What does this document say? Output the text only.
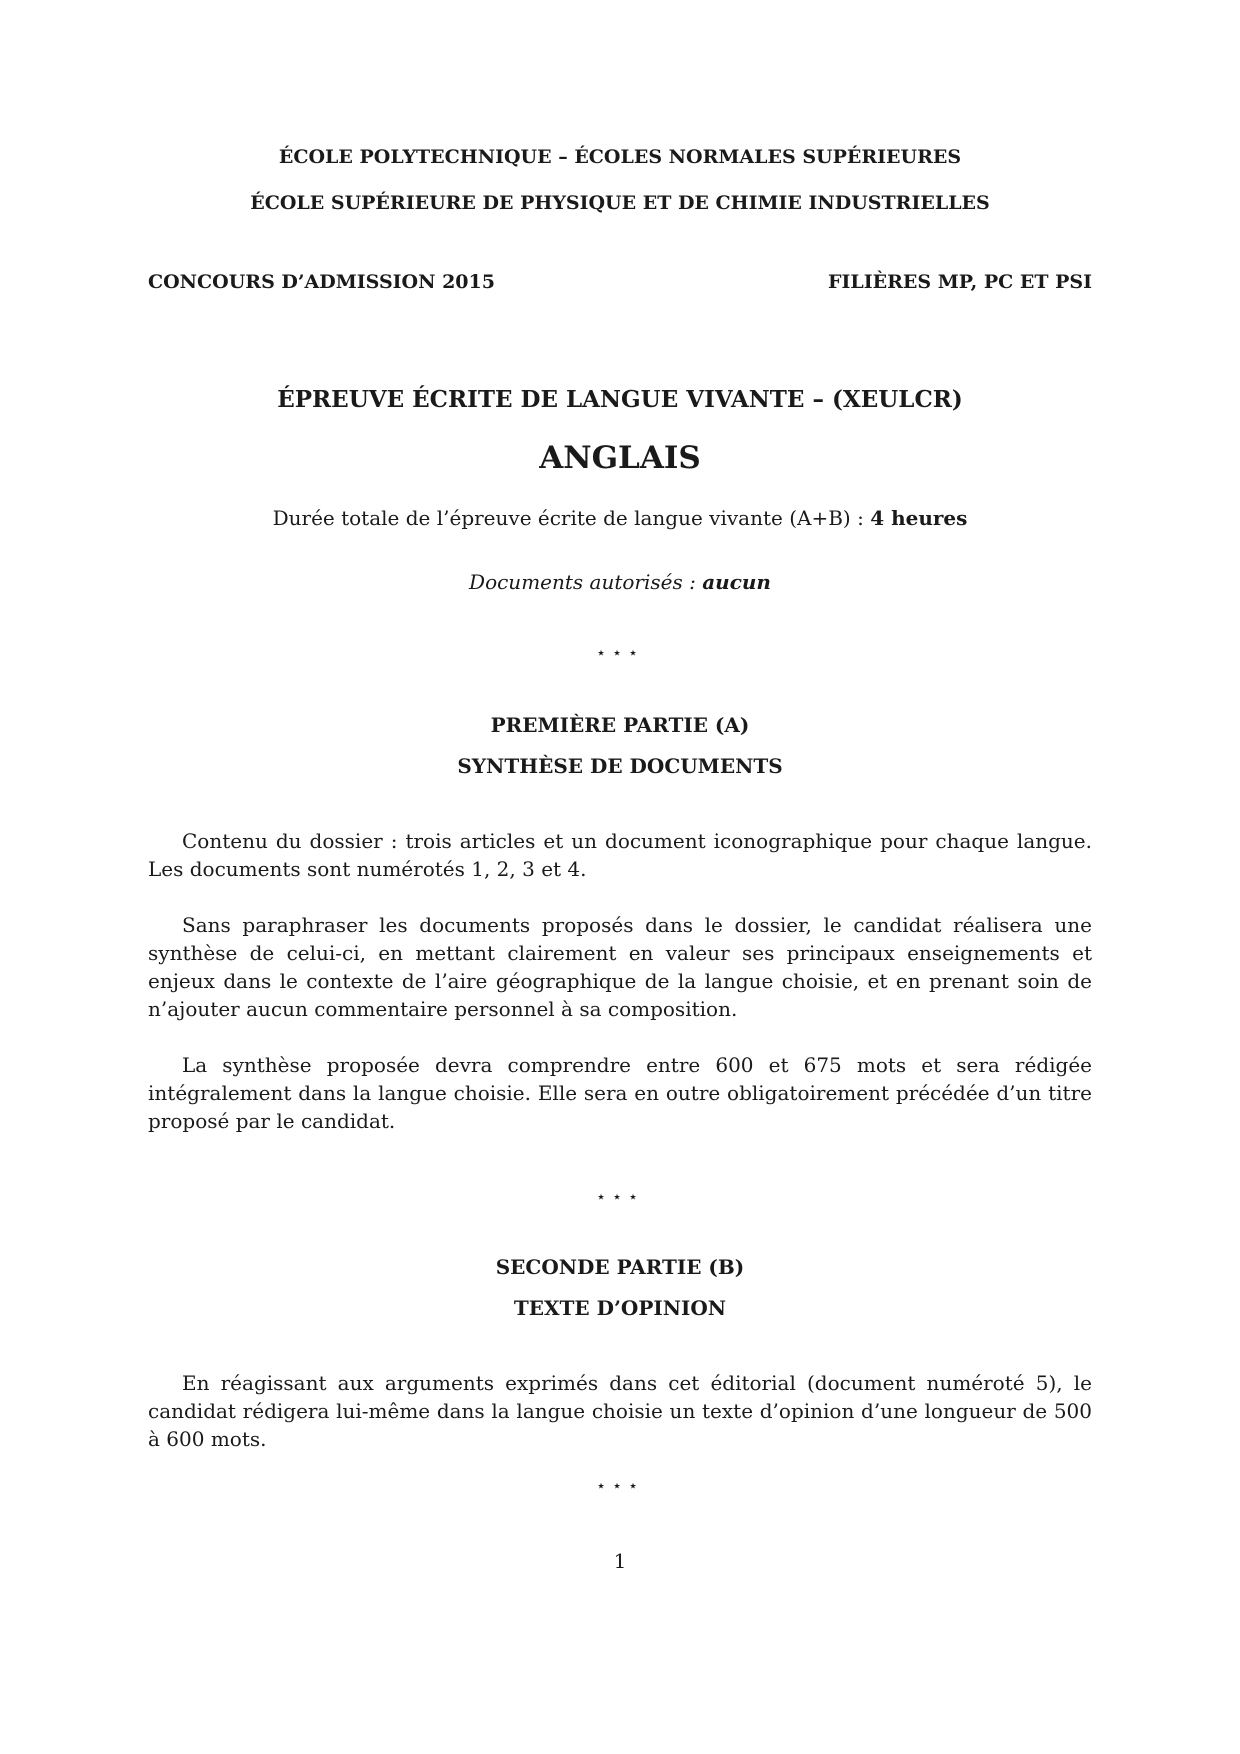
ÉCOLE POLYTECHNIQUE – ÉCOLES NORMALES SUPÉRIEURES
ÉCOLE SUPÉRIEURE DE PHYSIQUE ET DE CHIMIE INDUSTRIELLES
CONCOURS D’ADMISSION 2015	FILIÈRES MP, PC ET PSI
ÉPREUVE ÉCRITE DE LANGUE VIVANTE – (XEULCR)
ANGLAIS
Durée totale de l’épreuve écrite de langue vivante (A+B) : 4 heures
Documents autorisés : aucun
⋆⋆⋆
PREMIÈRE PARTIE (A)
SYNTHÈSE DE DOCUMENTS

Contenu du dossier : trois articles et un document iconographique pour chaque langue. Les documents sont numérotés 1, 2, 3 et 4.

Sans paraphraser les documents proposés dans le dossier, le candidat réalisera une synthèse de celui-ci, en mettant clairement en valeur ses principaux enseignements et enjeux dans le contexte de l’aire géographique de la langue choisie, et en prenant soin de n’ajouter aucun commentaire personnel à sa composition.

La synthèse proposée devra comprendre entre 600 et 675 mots et sera rédigée intégralement dans la langue choisie. Elle sera en outre obligatoirement précédée d’un titre proposé par le candidat.

⋆⋆⋆
SECONDE PARTIE (B)
TEXTE D’OPINION

En réagissant aux arguments exprimés dans cet éditorial (document numéroté 5), le candidat rédigera lui-même dans la langue choisie un texte d’opinion d’une longueur de 500 à 600 mots.

⋆⋆⋆
1
